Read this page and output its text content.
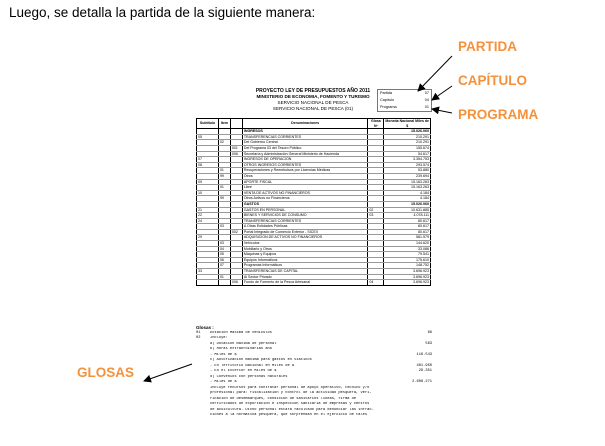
Luego, se detalla la partida de la siguiente manera:
PROYECTO LEY DE PRESUPUESTOS AÑO 2011
MINISTERIO DE ECONOMIA, FOMENTO Y TURISMO
SERVICIO NACIONAL DE PESCA
SERVICIO NACIONAL DE PESCA (01)
Partida	07
Capítulo	04
Programa	01
Subtítulo	Item		Denominaciones	Glosa Nº	Moneda Nacional Miles de $
			INGRESOS		15.026.060
05			TRANSFERENCIAS CORRIENTES		210.291
	02		Del Gobierno Central		210.291
		001	Del Programa 03 del Tesoro Público		155.674
		006	Secretaría y Administración General Ministerio de Hacienda		54.617
07			INGRESOS DE OPERACION		3.354.753
08			OTROS INGRESOS CORRIENTES		293.574
	01		Recuperaciones y Reembolsos por Licencias Médicas		53.880
	99		Otros		239.694
09			APORTE FISCAL		15.163.263
	01		Libre		15.163.263
10			VENTA DE ACTIVOS NO FINANCIEROS		4.184
	99		Otros Activos no Financieros		4.184
			GASTOS		15.026.060
21			GASTOS EN PERSONAL	02	10.631.885
22			BIENES Y SERVICIOS DE CONSUMO	03	4.078.111
24			TRANSFERENCIAS CORRIENTES		80.617
	03		A Otras Entidades Públicas		80.617
		002	Portal Integrado de Comercio Exterior - SICEX		80.617
29			ADQUISICION DE ACTIVOS NO FINANCIEROS		581.579
	03		Vehículos		144.620
	04		Mobiliario y Otros		33.086
	05		Máquinas y Equipos		79.541
	06		Equipos Informáticos		175.610
	07		Programas Informáticos		148.752
33			TRANSFERENCIAS DE CAPITAL		3.696.923
	01		Al Sector Privado		3.696.923
		006	Fondo de Fomento de la Pesca Artesanal	04	3.696.923
Glosas :
01	Dotación Máxima de Vehículos	69
02	Incluye:
a) Dotación máxima de personal	563
b) Horas extraordinarias año
- Miles de $	116.543
c) Autorización máxima para gastos en viáticos
- En Territorio Nacional en Miles de $	461.950
- En el Exterior en Miles de $	29.351
d) Convenios con personas naturales
- Miles de $	2.608.271
Incluye recursos para contratar personal de apoyo operativo, técnico y/o
profesional para: fiscalización y control de la actividad pesquera, veri-
ficación de desembarques, condición de sanitarios lineas, firma de
certificados de exportación e inspección sanitaria de empresas y centros
de acuicultura. Dicho personal estará facultado para denunciar las infrac-
ciones a la normativa pesquera, que sorprendan en el ejercicio de tales
PARTIDA
CAPÍTULO
PROGRAMA
GLOSAS
